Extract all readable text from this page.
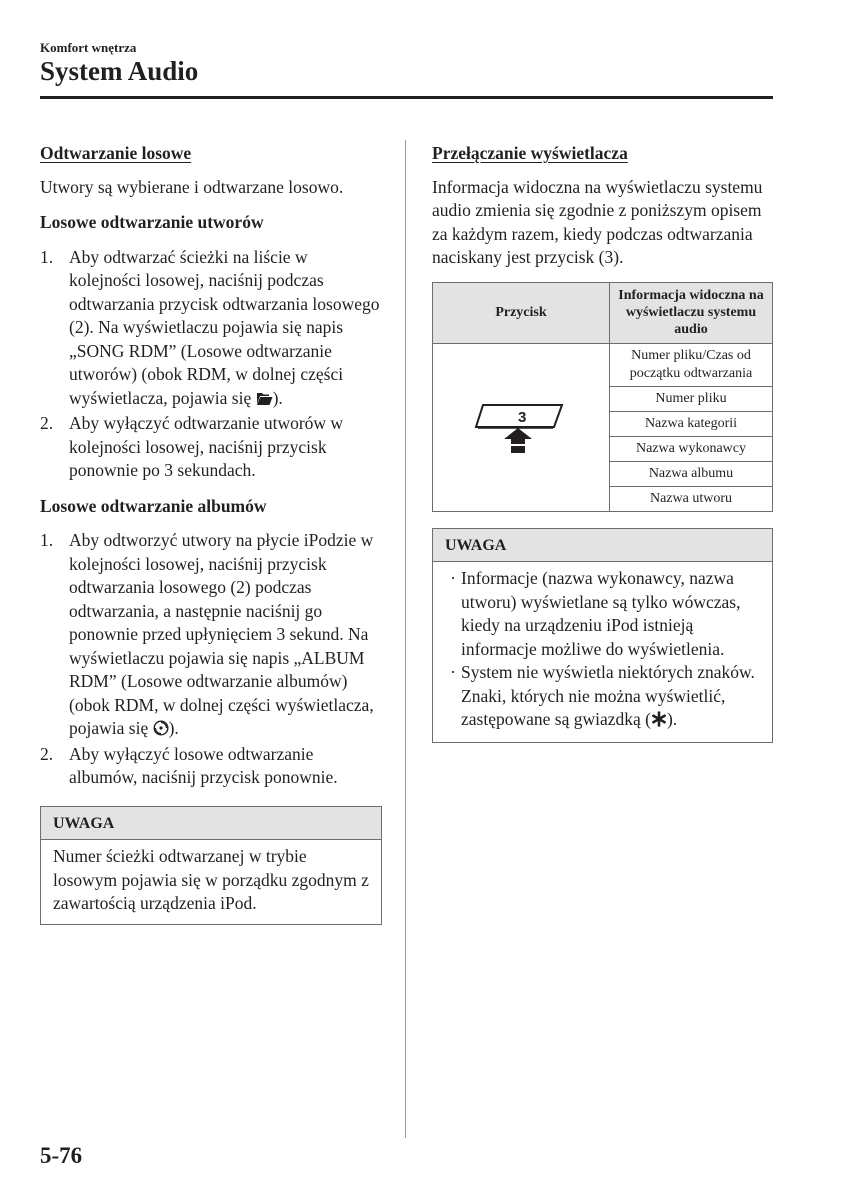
Komfort wnętrza
System Audio

Odtwarzanie losowe

Utwory są wybierane i odtwarzane losowo.

Losowe odtwarzanie utworów

1. Aby odtwarzać ścieżki na liście w kolejności losowej, naciśnij podczas odtwarzania przycisk odtwarzania losowego (2). Na wyświetlaczu pojawia się napis „SONG RDM” (Losowe odtwarzanie utworów) (obok RDM, w dolnej części wyświetlacza, pojawia się ).
2. Aby wyłączyć odtwarzanie utworów w kolejności losowej, naciśnij przycisk ponownie po 3 sekundach.

Losowe odtwarzanie albumów

1. Aby odtworzyć utwory na płycie iPodzie w kolejności losowej, naciśnij przycisk odtwarzania losowego (2) podczas odtwarzania, a następnie naciśnij go ponownie przed upłynięciem 3 sekund. Na wyświetlaczu pojawia się napis „ALBUM RDM” (Losowe odtwarzanie albumów) (obok RDM, w dolnej części wyświetlacza, pojawia się ).
2. Aby wyłączyć losowe odtwarzanie albumów, naciśnij przycisk ponownie.
UWAGA
Numer ścieżki odtwarzanej w trybie losowym pojawia się w porządku zgodnym z zawartością urządzenia iPod.

Przełączanie wyświetlacza

Informacja widoczna na wyświetlaczu systemu audio zmienia się zgodnie z poniższym opisem za każdym razem, kiedy podczas odtwarzania naciskany jest przycisk (3).

Przycisk	Informacja widoczna na wyświetlaczu systemu audio

3	Numer pliku/Czas od początku odtwarzania
	Numer pliku
	Nazwa kategorii
	Nazwa wykonawcy
	Nazwa albumu
	Nazwa utworu
UWAGA
· Informacje (nazwa wykonawcy, nazwa utworu) wyświetlane są tylko wówczas, kiedy na urządzeniu iPod istnieją informacje możliwe do wyświetlenia.
· System nie wyświetla niektórych znaków. Znaki, których nie można wyświetlić, zastępowane są gwiazdką ( ).
5-76
